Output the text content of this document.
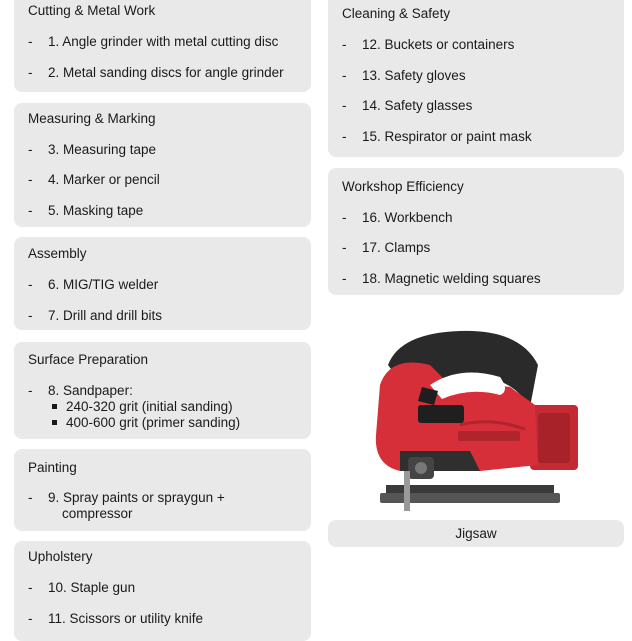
Cutting & Metal Work
-	1. Angle grinder with metal cutting disc
-	2. Metal sanding discs for angle grinder
Measuring & Marking
-	3. Measuring tape
-	4. Marker or pencil
-	5. Masking tape
Assembly
-	6. MIG/TIG welder
-	7. Drill and drill bits
Surface Preparation
-	8. Sandpaper:
240-320 grit (initial sanding)
400-600 grit (primer sanding)
Painting
-	9. Spray paints or spraygun +
compressor
Upholstery
-	10. Staple gun
-	11. Scissors or utility knife
Cleaning & Safety
-	12. Buckets or containers
-	13. Safety gloves
-	14. Safety glasses
-	15. Respirator or paint mask
Workshop Efficiency
-	16. Workbench
-	17. Clamps
-	18. Magnetic welding squares
Jigsaw
